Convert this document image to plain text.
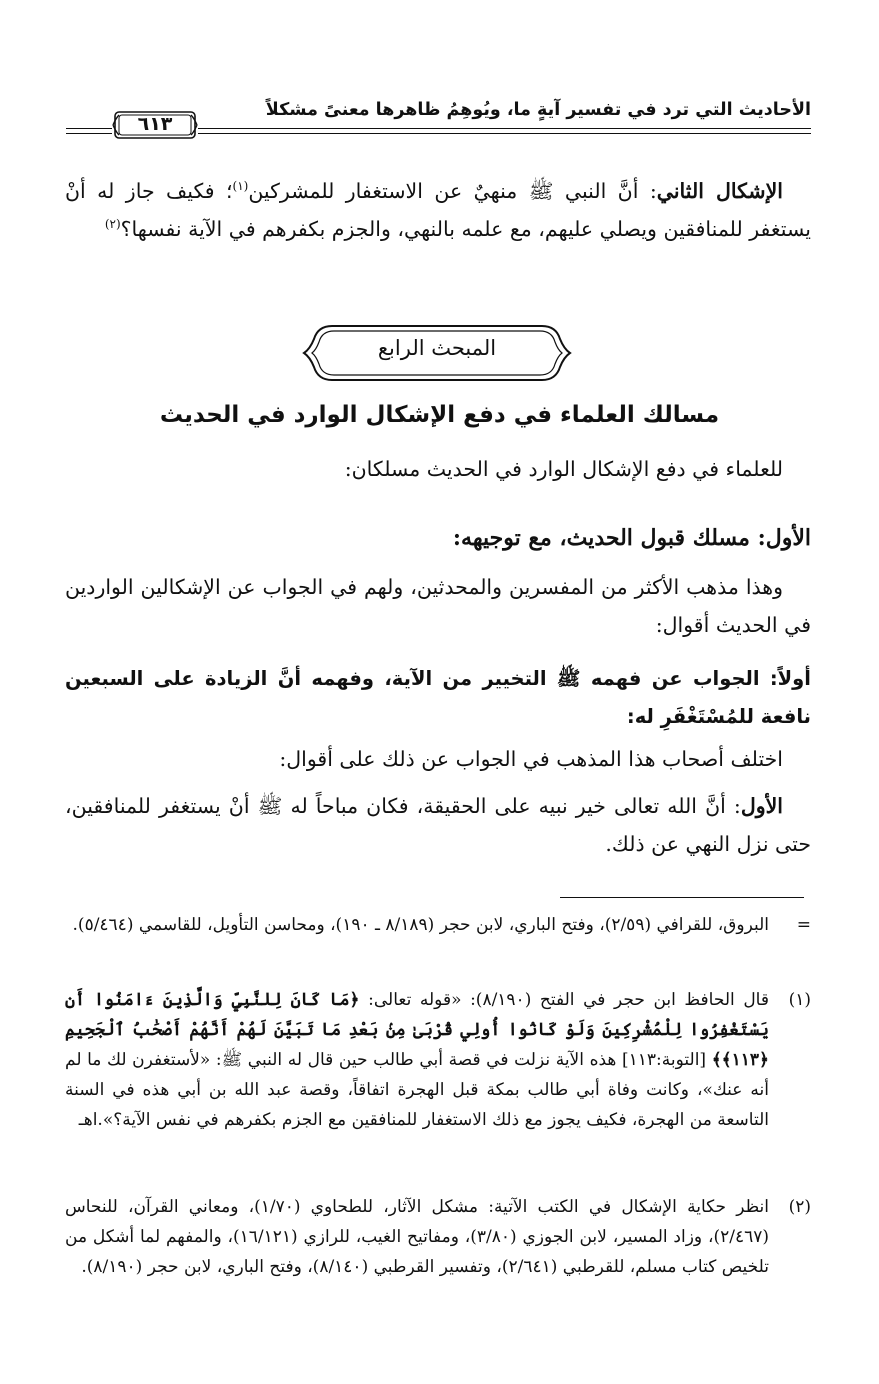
الأحاديث التي ترد في تفسير آيةٍ ما، ويُوهِمُ ظاهرها معنىً مشكلاً
٦١٣
الإشكال الثاني: أنَّ النبي ﷺ منهيٌ عن الاستغفار للمشركين$^{(١)}$؛ فكيف جاز له أنْ يستغفر للمنافقين ويصلي عليهم، مع علمه بالنهي، والجزم بكفرهم في الآية نفسها؟$^{(٢)}$
المبحث الرابع
مسالك العلماء في دفع الإشكال الوارد في الحديث
للعلماء في دفع الإشكال الوارد في الحديث مسلكان:
الأول: مسلك قبول الحديث، مع توجيهه:
وهذا مذهب الأكثر من المفسرين والمحدثين، ولهم في الجواب عن الإشكالين الواردين في الحديث أقوال:
أولاً: الجواب عن فهمه ﷺ التخيير من الآية، وفهمه أنَّ الزيادة على السبعين نافعة للمُسْتَغْفَرِ له:
اختلف أصحاب هذا المذهب في الجواب عن ذلك على أقوال:
الأول: أنَّ الله تعالى خير نبيه على الحقيقة، فكان مباحاً له ﷺ أنْ يستغفر للمنافقين، حتى نزل النهي عن ذلك.
=
البروق، للقرافي (٢/٥٩)، وفتح الباري، لابن حجر (٨/١٨٩ ـ ١٩٠)، ومحاسن التأويل، للقاسمي (٥/٤٦٤).
(١)
قال الحافظ ابن حجر في الفتح (٨/١٩٠): «قوله تعالى: ﴿مَا كَانَ لِلنَّبِيِّ وَالَّذِينَ ءَامَنُوا أَن يَسْتَغْفِرُوا لِلْمُشْرِكِينَ وَلَوْ كَانُوا أُولِي قُرْبَىٰ مِنۢ بَعْدِ مَا تَبَيَّنَ لَهُمْ أَنَّهُمْ أَصْحَٰبُ ٱلْجَحِيمِ ﴿١١٣﴾﴾ [التوبة:١١٣] هذه الآية نزلت في قصة أبي طالب حين قال له النبي ﷺ: «لأستغفرن لك ما لم أنه عنك»، وكانت وفاة أبي طالب بمكة قبل الهجرة اتفاقاً، وقصة عبد الله بن أبي هذه في السنة التاسعة من الهجرة، فكيف يجوز مع ذلك الاستغفار للمنافقين مع الجزم بكفرهم في نفس الآية؟».اهـ
(٢)
انظر حكاية الإشكال في الكتب الآتية: مشكل الآثار، للطحاوي (١/٧٠)، ومعاني القرآن، للنحاس (٢/٤٦٧)، وزاد المسير، لابن الجوزي (٣/٨٠)، ومفاتيح الغيب، للرازي (١٦/١٢١)، والمفهم لما أشكل من تلخيص كتاب مسلم، للقرطبي (٢/٦٤١)، وتفسير القرطبي (٨/١٤٠)، وفتح الباري، لابن حجر (٨/١٩٠).
